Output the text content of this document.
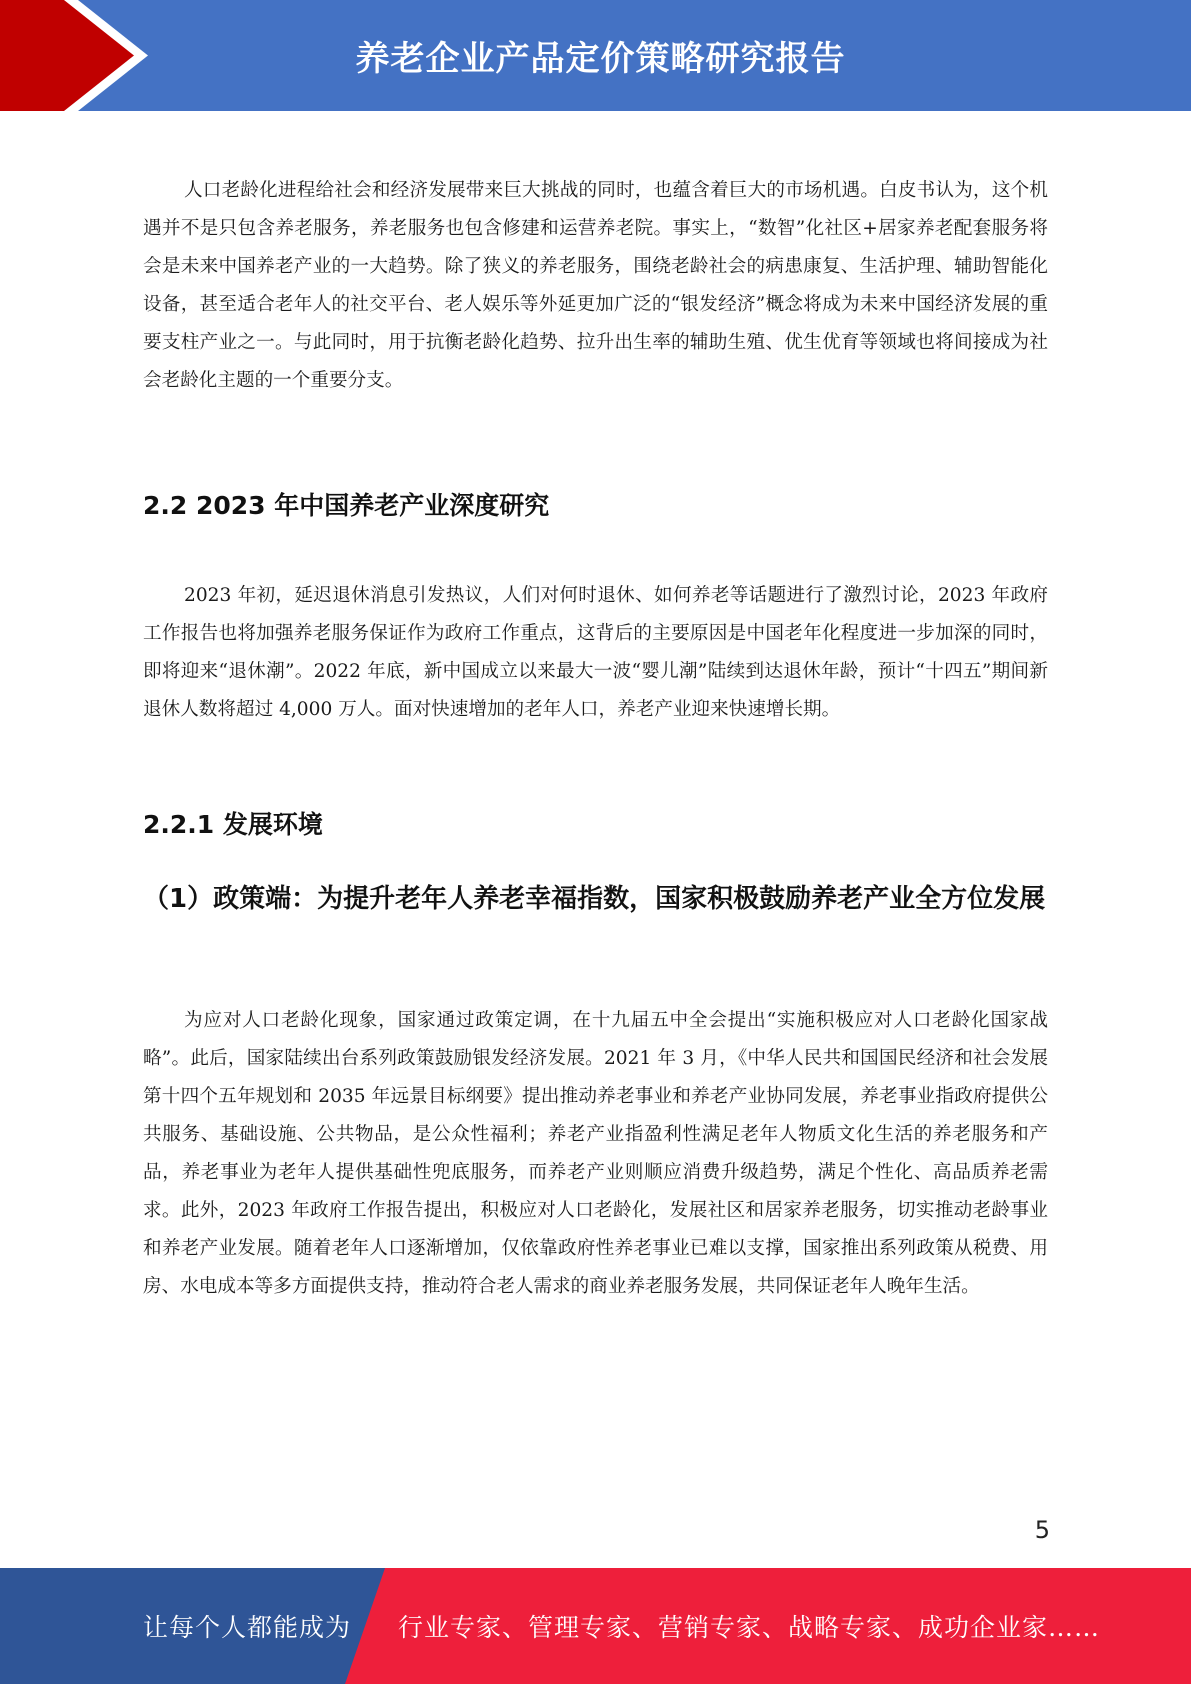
养老企业产品定价策略研究报告

人口老龄化进程给社会和经济发展带来巨大挑战的同时，也蕴含着巨大的市场机遇。白皮书认为，这个机遇并不是只包含养老服务，养老服务也包含修建和运营养老院。事实上，“数智”化社区+居家养老配套服务将会是未来中国养老产业的一大趋势。除了狭义的养老服务，围绕老龄社会的病患康复、生活护理、辅助智能化设备，甚至适合老年人的社交平台、老人娱乐等外延更加广泛的“银发经济”概念将成为未来中国经济发展的重要支柱产业之一。与此同时，用于抗衡老龄化趋势、拉升出生率的辅助生殖、优生优育等领域也将间接成为社会老龄化主题的一个重要分支。

2.2 2023 年中国养老产业深度研究

2023 年初，延迟退休消息引发热议，人们对何时退休、如何养老等话题进行了激烈讨论，2023 年政府工作报告也将加强养老服务保证作为政府工作重点，这背后的主要原因是中国老年化程度进一步加深的同时，即将迎来“退休潮”。2022 年底，新中国成立以来最大一波“婴儿潮”陆续到达退休年龄，预计“十四五”期间新退休人数将超过 4,000 万人。面对快速增加的老年人口，养老产业迎来快速增长期。

2.2.1 发展环境
（1）政策端：为提升老年人养老幸福指数，国家积极鼓励养老产业全方位发展

为应对人口老龄化现象，国家通过政策定调，在十九届五中全会提出“实施积极应对人口老龄化国家战略”。此后，国家陆续出台系列政策鼓励银发经济发展。2021 年 3 月，《中华人民共和国国民经济和社会发展第十四个五年规划和 2035 年远景目标纲要》提出推动养老事业和养老产业协同发展，养老事业指政府提供公共服务、基础设施、公共物品，是公众性福利；养老产业指盈利性满足老年人物质文化生活的养老服务和产品，养老事业为老年人提供基础性兜底服务，而养老产业则顺应消费升级趋势，满足个性化、高品质养老需求。此外，2023 年政府工作报告提出，积极应对人口老龄化，发展社区和居家养老服务，切实推动老龄事业和养老产业发展。随着老年人口逐渐增加，仅依靠政府性养老事业已难以支撑，国家推出系列政策从税费、用房、水电成本等多方面提供支持，推动符合老人需求的商业养老服务发展，共同保证老年人晚年生活。

5
让每个人都能成为 行业专家、管理专家、营销专家、战略专家、成功企业家……
